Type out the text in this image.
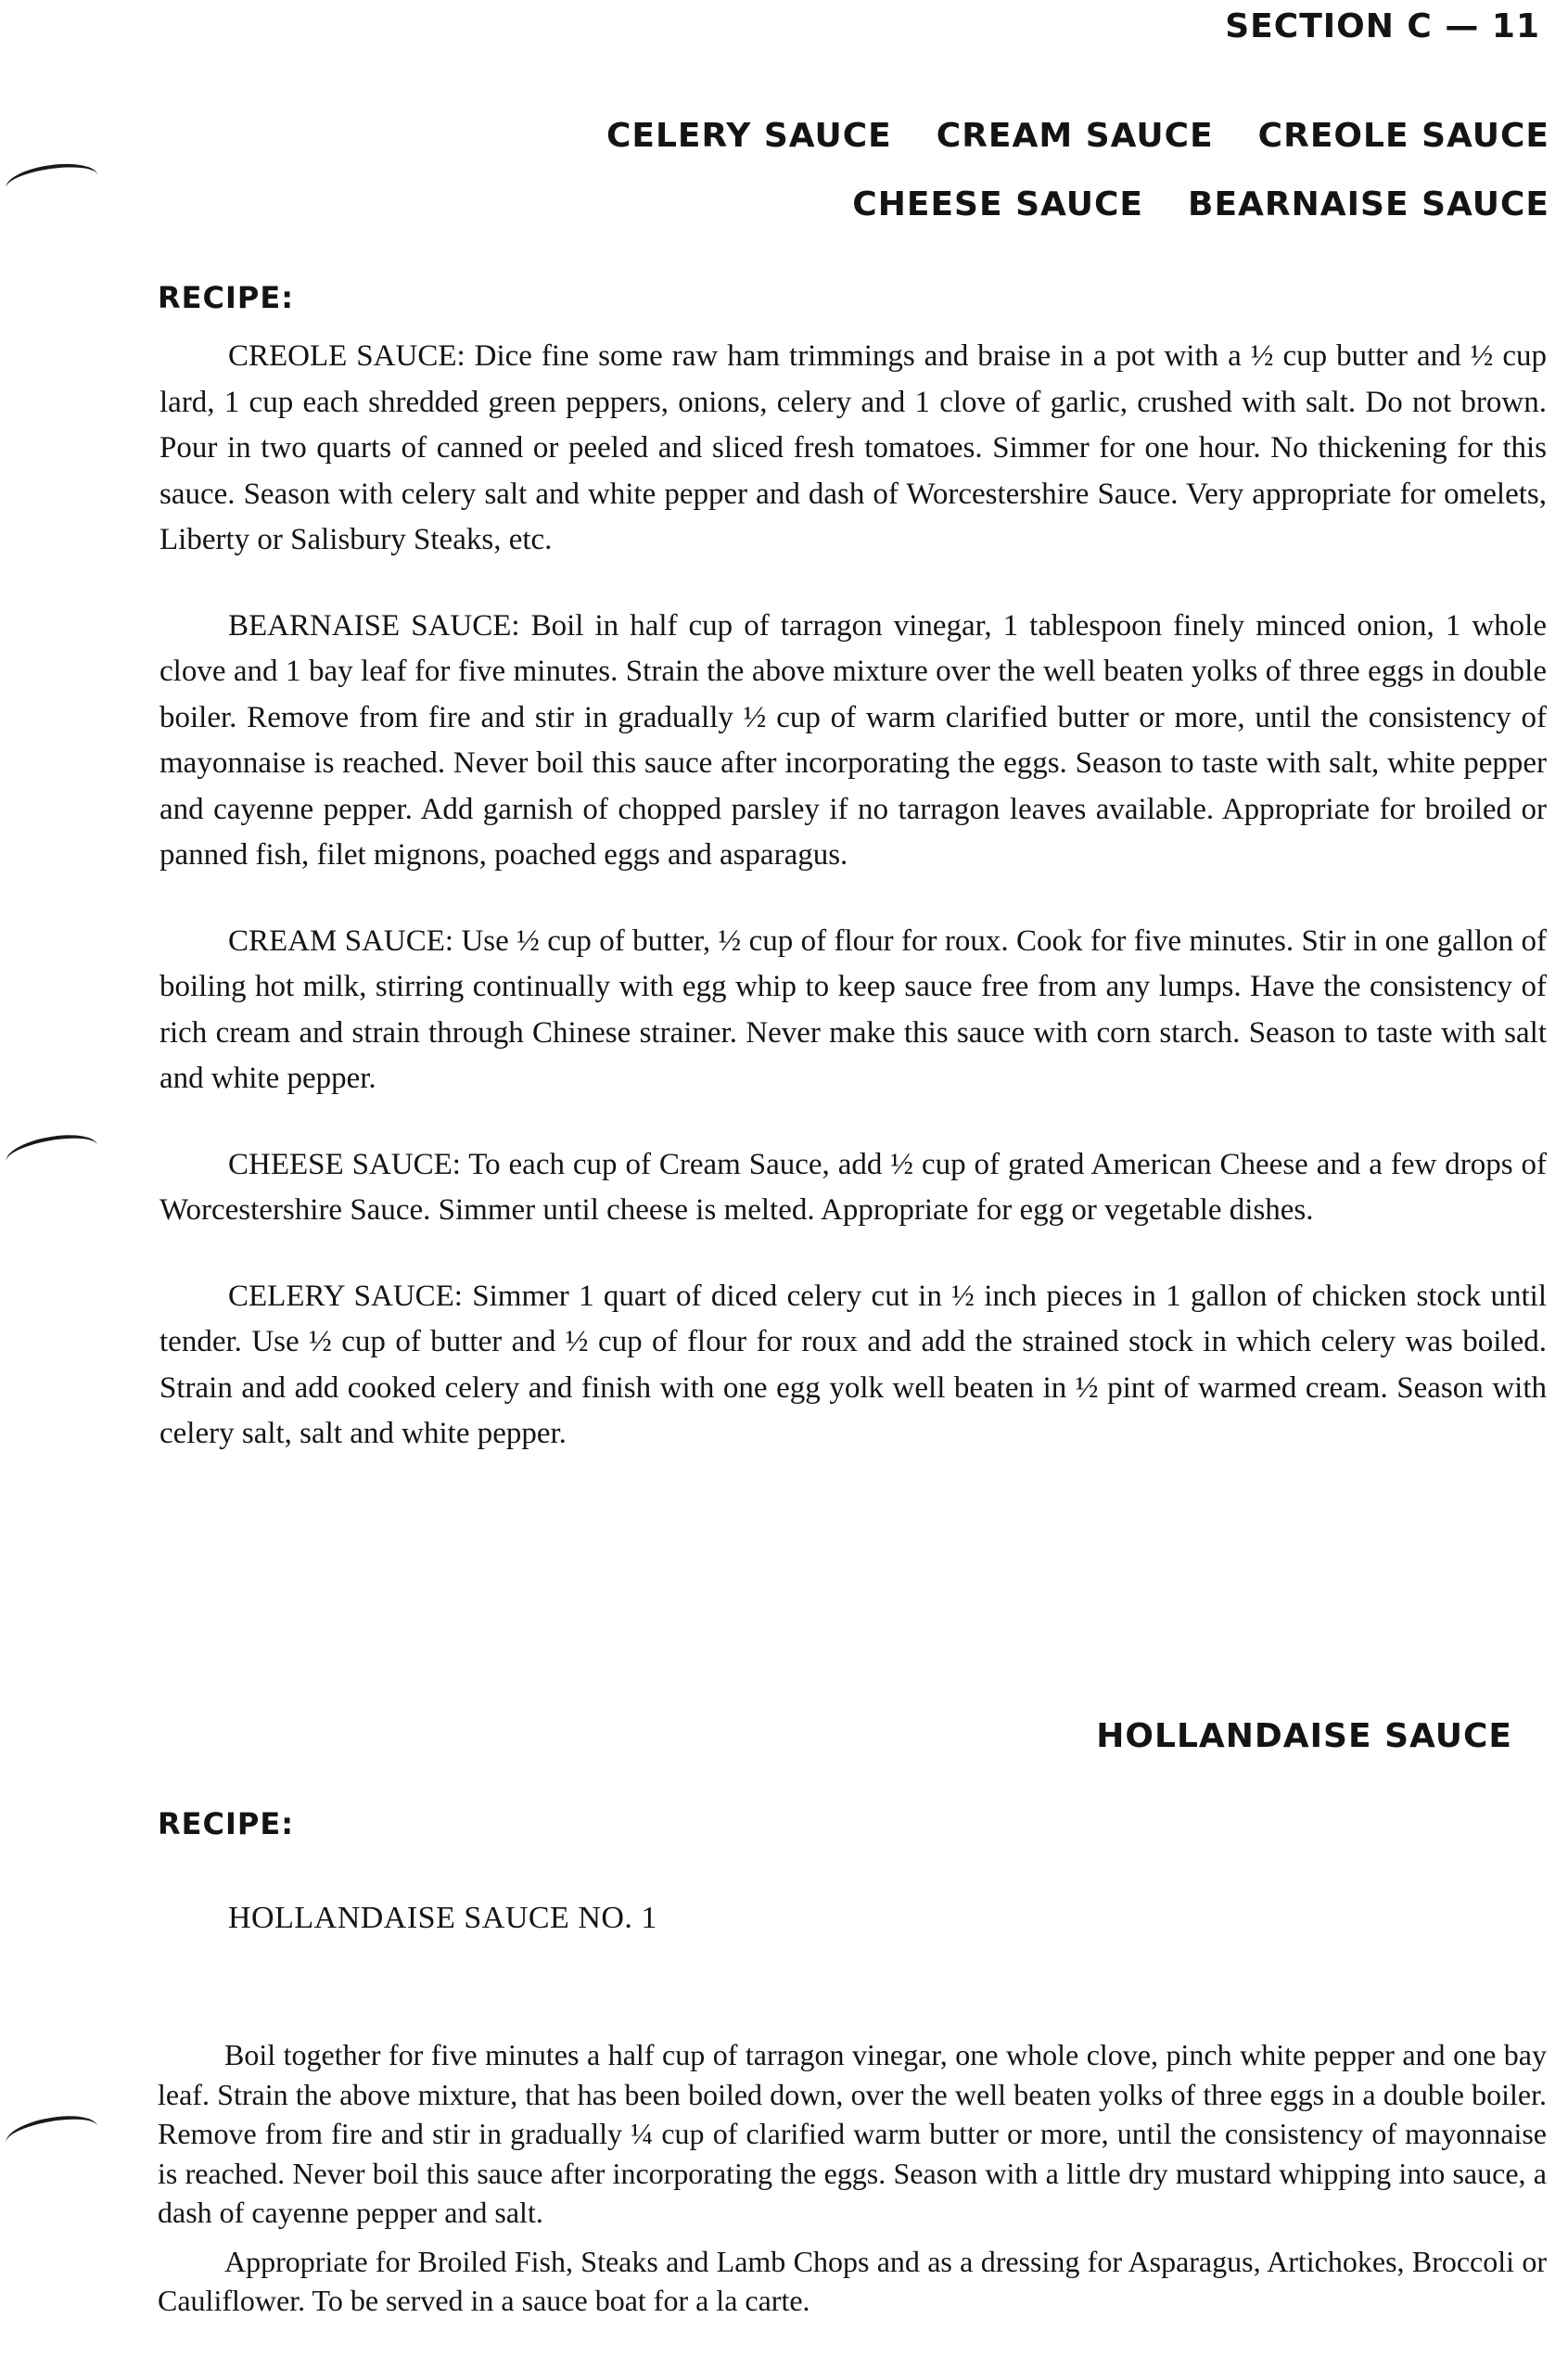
SECTION C — 11
CELERY SAUCE CREAM SAUCE CREOLE SAUCE
CHEESE SAUCE BEARNAISE SAUCE
RECIPE:

CREOLE SAUCE: Dice fine some raw ham trimmings and braise in a pot with a ½ cup butter and ½ cup lard, 1 cup each shredded green peppers, onions, celery and 1 clove of garlic, crushed with salt. Do not brown. Pour in two quarts of canned or peeled and sliced fresh tomatoes. Simmer for one hour. No thickening for this sauce. Season with celery salt and white pepper and dash of Worcestershire Sauce. Very appropriate for omelets, Liberty or Salisbury Steaks, etc.

BEARNAISE SAUCE: Boil in half cup of tarragon vinegar, 1 tablespoon finely minced onion, 1 whole clove and 1 bay leaf for five minutes. Strain the above mixture over the well beaten yolks of three eggs in double boiler. Remove from fire and stir in gradually ½ cup of warm clarified butter or more, until the consistency of mayonnaise is reached. Never boil this sauce after incorporating the eggs. Season to taste with salt, white pepper and cayenne pepper. Add garnish of chopped parsley if no tarragon leaves available. Appropriate for broiled or panned fish, filet mignons, poached eggs and asparagus.

CREAM SAUCE: Use ½ cup of butter, ½ cup of flour for roux. Cook for five minutes. Stir in one gallon of boiling hot milk, stirring continually with egg whip to keep sauce free from any lumps. Have the consistency of rich cream and strain through Chinese strainer. Never make this sauce with corn starch. Season to taste with salt and white pepper.

CHEESE SAUCE: To each cup of Cream Sauce, add ½ cup of grated American Cheese and a few drops of Worcestershire Sauce. Simmer until cheese is melted. Appropriate for egg or vegetable dishes.

CELERY SAUCE: Simmer 1 quart of diced celery cut in ½ inch pieces in 1 gallon of chicken stock until tender. Use ½ cup of butter and ½ cup of flour for roux and add the strained stock in which celery was boiled. Strain and add cooked celery and finish with one egg yolk well beaten in ½ pint of warmed cream. Season with celery salt, salt and white pepper.

HOLLANDAISE SAUCE
RECIPE:
HOLLANDAISE SAUCE NO. 1

Boil together for five minutes a half cup of tarragon vinegar, one whole clove, pinch white pepper and one bay leaf. Strain the above mixture, that has been boiled down, over the well beaten yolks of three eggs in a double boiler. Remove from fire and stir in gradually ¼ cup of clarified warm butter or more, until the consistency of mayonnaise is reached. Never boil this sauce after incorporating the eggs. Season with a little dry mustard whipping into sauce, a dash of cayenne pepper and salt.

Appropriate for Broiled Fish, Steaks and Lamb Chops and as a dressing for Asparagus, Artichokes, Broccoli or Cauliflower. To be served in a sauce boat for a la carte.
